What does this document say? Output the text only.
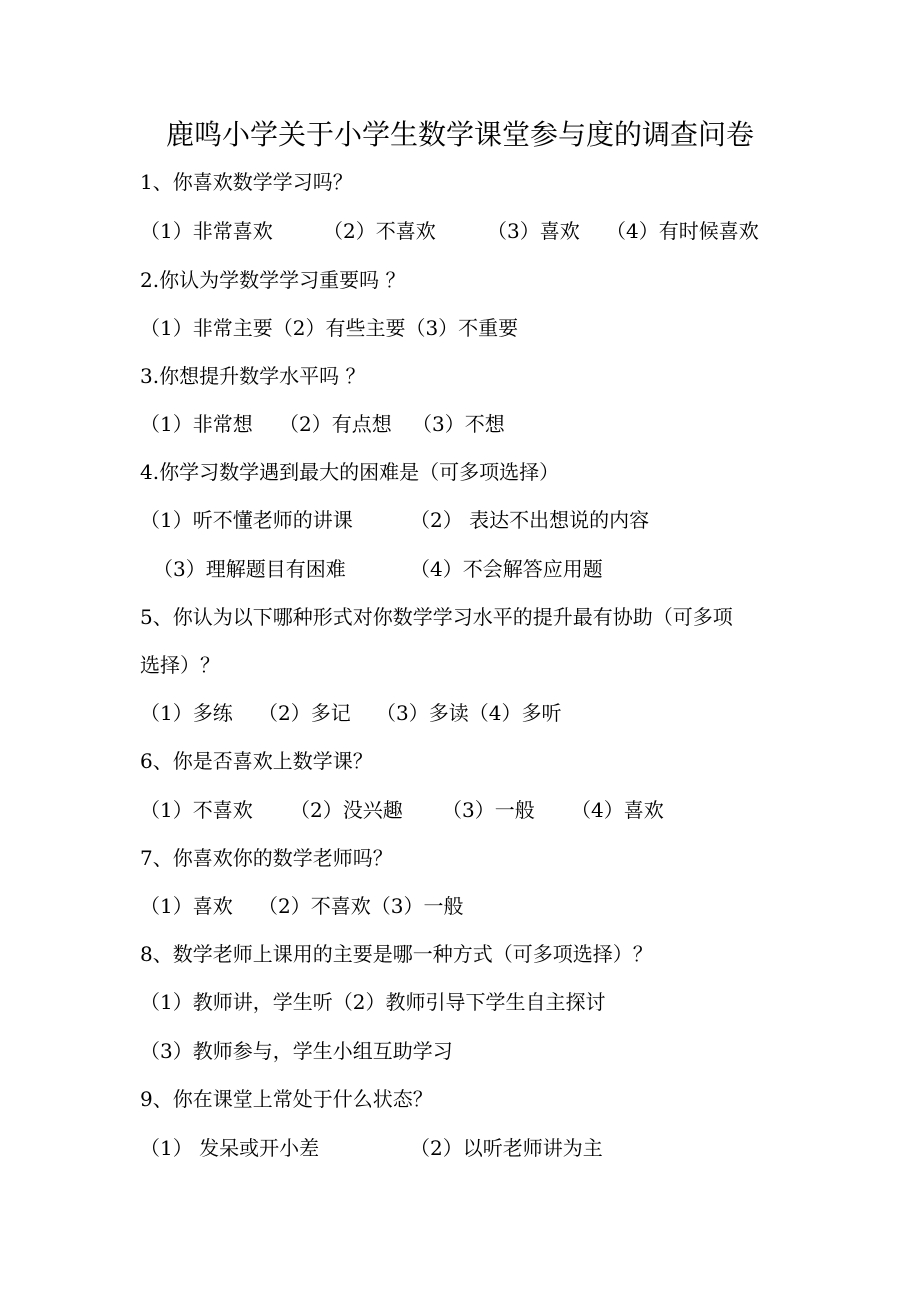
鹿鸣小学关于小学生数学课堂参与度的调查问卷
1、你喜欢数学学习吗？
（1）非常喜欢	（2）不喜欢	（3）喜欢 （4）有时候喜欢
2.你认为学数学学习重要吗 ？
（1）非常主要（2）有些主要（3）不重要
3.你想提升数学水平吗 ？
（1）非常想 （2）有点想 （3）不想
4.你学习数学遇到最大的困难是（可多项选择）
（1）听不懂老师的讲课	（2） 表达不出想说的内容
（3）理解题目有困难	（4）不会解答应用题
5、你认为以下哪种形式对你数学学习水平的提升最有协助（可多项
选择）？
（1）多练 （2）多记 （3）多读（4）多听
6、你是否喜欢上数学课？
（1）不喜欢 （2）没兴趣 （3）一般 （4）喜欢
7、你喜欢你的数学老师吗？
（1）喜欢 （2）不喜欢（3）一般
8、数学老师上课用的主要是哪一种方式（可多项选择）？
（1）教师讲，学生听（2）教师引导下学生自主探讨
（3）教师参与，学生小组互助学习
9、你在课堂上常处于什么状态？
（1） 发呆或开小差	（2）以听老师讲为主
